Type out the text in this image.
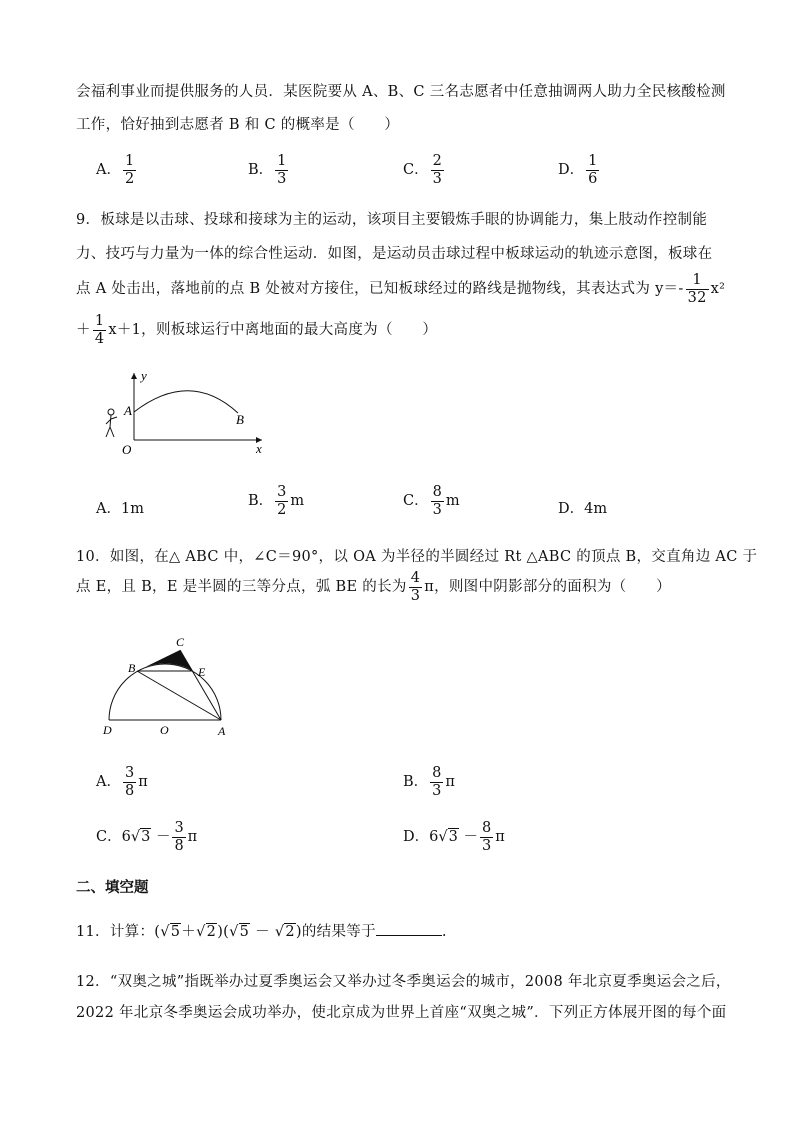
会福利事业而提供服务的人员．某医院要从 A、B、C 三名志愿者中任意抽调两人助力全民核酸检测
工作，恰好抽到志愿者 B 和 C 的概率是（　　）
A． $\frac{1}{2}$	B． $\frac{1}{3}$	C． $\frac{2}{3}$	D． $\frac{1}{6}$
9．板球是以击球、投球和接球为主的运动，该项目主要锻炼手眼的协调能力，集上肢动作控制能
力、技巧与力量为一体的综合性运动．如图，是运动员击球过程中板球运动的轨迹示意图，板球在
点 A 处击出，落地前的点 B 处被对方接住，已知板球经过的路线是抛物线，其表达式为 $y=- \frac{1}{32} x^2$
＋ $\frac{1}{4} x+1$，则板球运行中离地面的最大高度为（　　）
y
x
A
B
O
A．1m	B． $\frac{3}{2}$ m	C． $\frac{8}{3}$ m	D．4m
10．如图，在△ ABC 中，∠C＝90°，以 OA 为半径的半圆经过 Rt △ABC 的顶点 B，交直角边 AC 于
点 E，且 B，E 是半圆的三等分点，弧 BE 的长为 $\frac{4}{3}$ π，则图中阴影部分的面积为（　　）
C
B	E
D	O	A
A． $\frac{3}{8}$ π	B． $\frac{8}{3}$ π
C．$6√3 - \frac{3}{8}$ π	D．$6√3 - \frac{8}{3}$ π
二、填空题
11．计算：(√5＋√2)(√5 － √2)的结果等于	.
12．“双奥之城”指既举办过夏季奥运会又举办过冬季奥运会的城市，2008 年北京夏季奥运会之后，
2022 年北京冬季奥运会成功举办，使北京成为世界上首座“双奥之城”．下列正方体展开图的每个面
